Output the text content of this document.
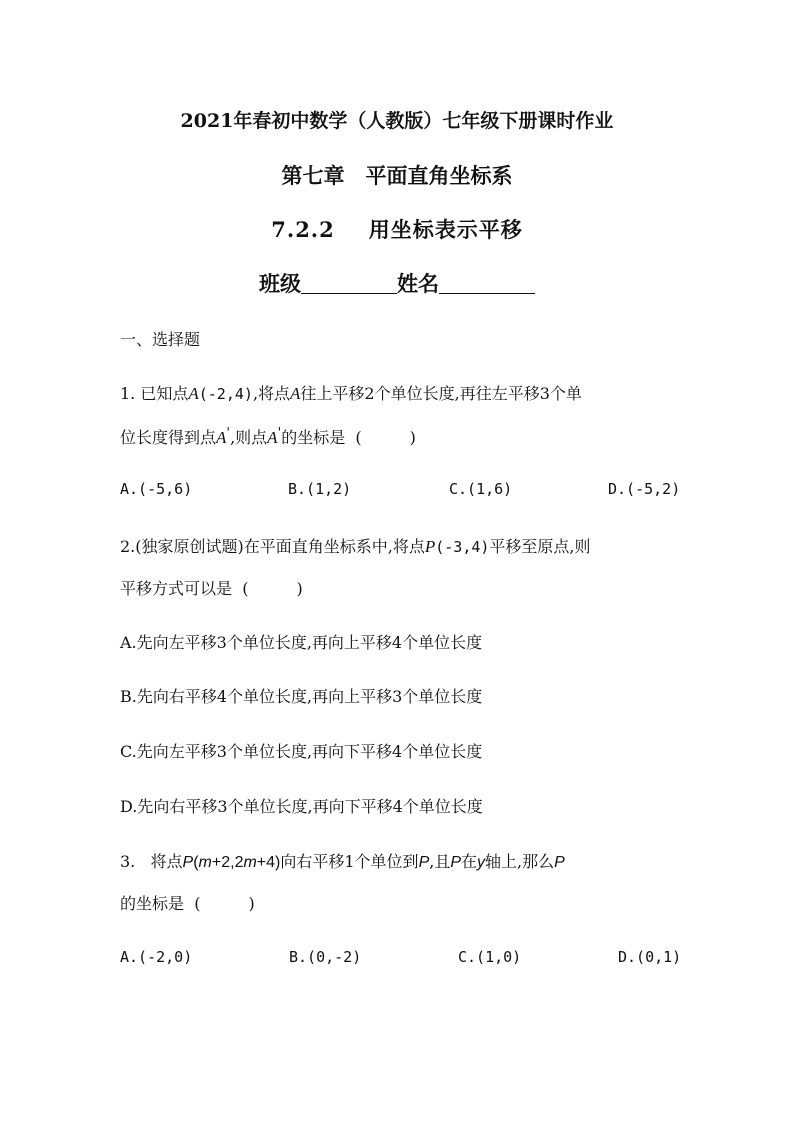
2021年春初中数学（人教版）七年级下册课时作业
第七章　平面直角坐标系
7.2.2 用坐标表示平移
班级	姓名
一、选择题
1. 已知点A(-2,4),将点A往上平移2个单位长度,再往左平移3个单
位长度得到点A',则点A'的坐标是 (	)
A.(-5,6)	B.(1,2)	C.(1,6)	D.(-5,2)
2.(独家原创试题)在平面直角坐标系中,将点P(-3,4)平移至原点,则
平移方式可以是 (	)
A.先向左平移3个单位长度,再向上平移4个单位长度
B.先向右平移4个单位长度,再向上平移3个单位长度
C.先向左平移3个单位长度,再向下平移4个单位长度
D.先向右平移3个单位长度,再向下平移4个单位长度
3. 将点P(m+2,2m+4)向右平移1个单位到P,且P在y轴上,那么P
的坐标是 (	)
A.(-2,0)	B.(0,-2)	C.(1,0)	D.(0,1)
